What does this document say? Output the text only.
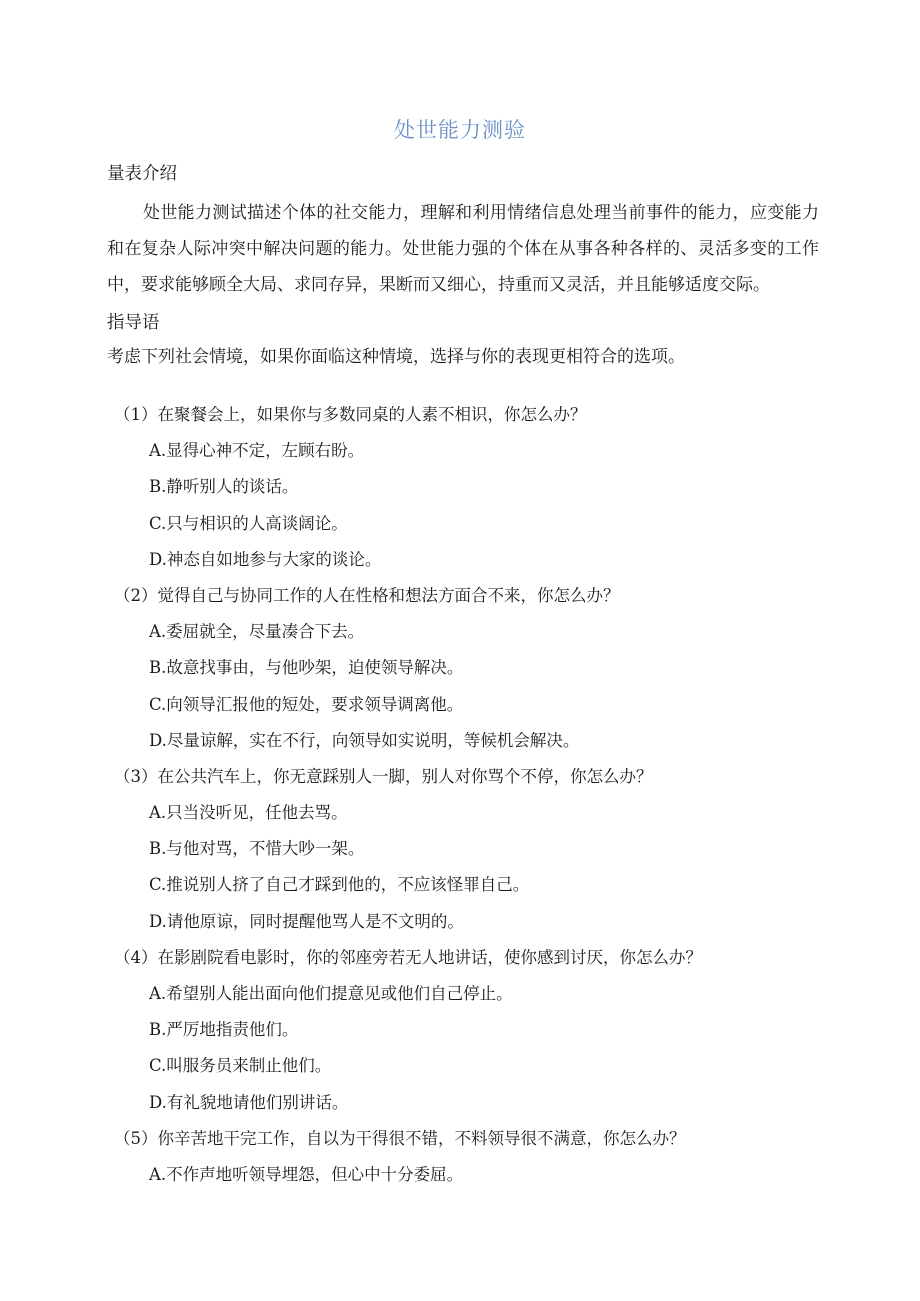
处世能力测验
量表介绍

处世能力测试描述个体的社交能力，理解和利用情绪信息处理当前事件的能力，应变能力和在复杂人际冲突中解决问题的能力。处世能力强的个体在从事各种各样的、灵活多变的工作中，要求能够顾全大局、求同存异，果断而又细心，持重而又灵活，并且能够适度交际。

指导语

考虑下列社会情境，如果你面临这种情境，选择与你的表现更相符合的选项。

（1）在聚餐会上，如果你与多数同桌的人素不相识，你怎么办？
A.显得心神不定，左顾右盼。
B.静听别人的谈话。
C.只与相识的人高谈阔论。
D.神态自如地参与大家的谈论。
（2）觉得自己与协同工作的人在性格和想法方面合不来，你怎么办？
A.委屈就全，尽量凑合下去。
B.故意找事由，与他吵架，迫使领导解决。
C.向领导汇报他的短处，要求领导调离他。
D.尽量谅解，实在不行，向领导如实说明，等候机会解决。
（3）在公共汽车上，你无意踩别人一脚，别人对你骂个不停，你怎么办？
A.只当没听见，任他去骂。
B.与他对骂，不惜大吵一架。
C.推说别人挤了自己才踩到他的，不应该怪罪自己。
D.请他原谅，同时提醒他骂人是不文明的。
（4）在影剧院看电影时，你的邻座旁若无人地讲话，使你感到讨厌，你怎么办？
A.希望别人能出面向他们提意见或他们自己停止。
B.严厉地指责他们。
C.叫服务员来制止他们。
D.有礼貌地请他们别讲话。
（5）你辛苦地干完工作，自以为干得很不错，不料领导很不满意，你怎么办？
A.不作声地听领导埋怨，但心中十分委屈。
